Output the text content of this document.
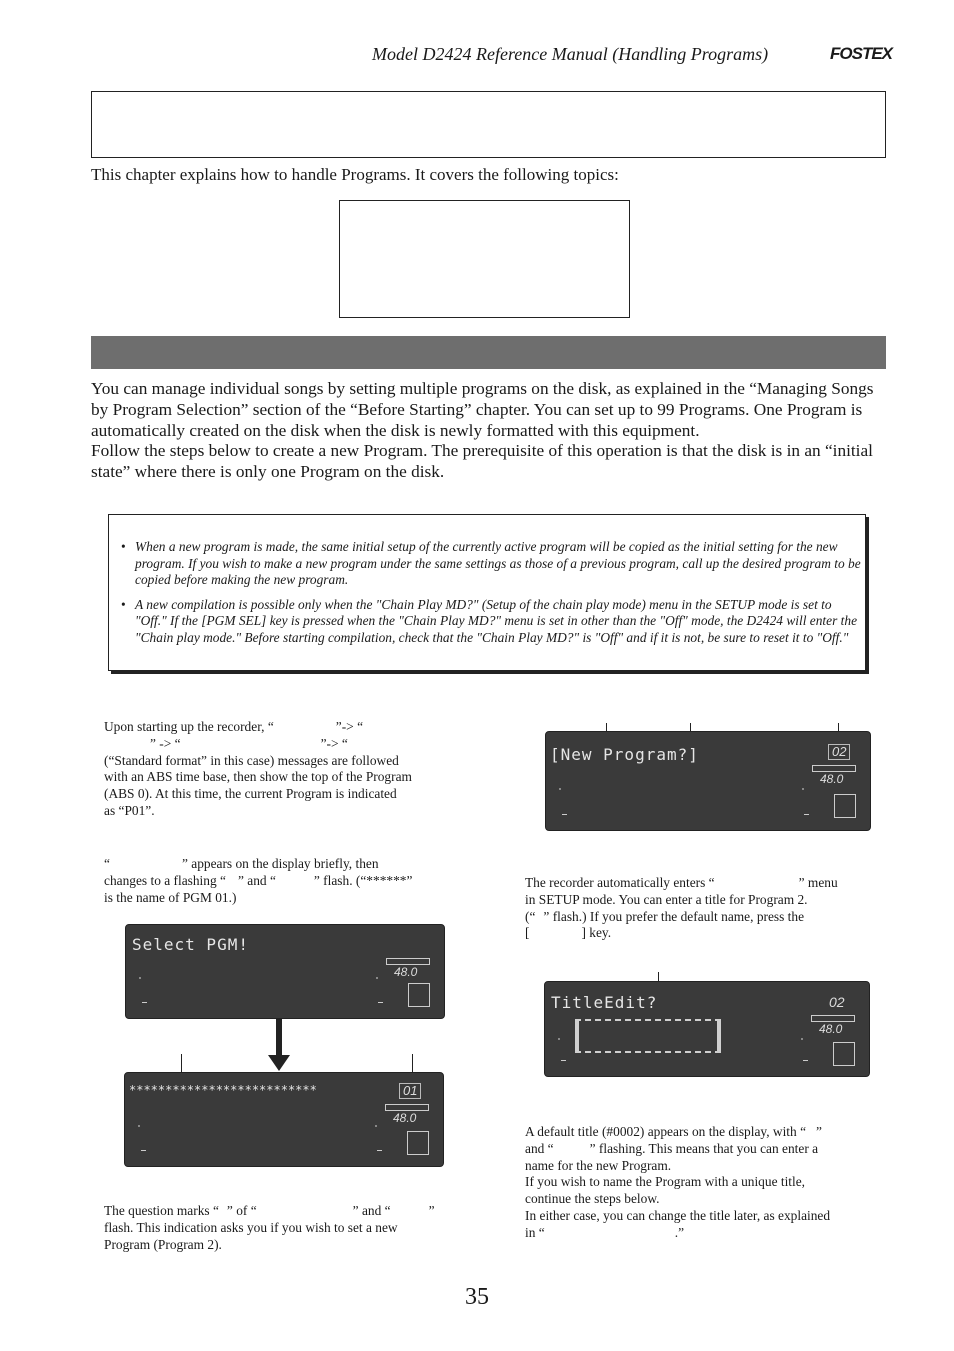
Model D2424 Reference Manual (Handling Programs)	FOSTEX
This chapter explains how to handle Programs. It covers the following topics:

You can manage individual songs by setting multiple programs on the disk, as explained in the “Managing Songs by Program Selection” section of the “Before Starting” chapter. You can set up to 99 Programs. One Program is automatically created on the disk when the disk is newly formatted with this equipment.

Follow the steps below to create a new Program. The prerequisite of this operation is that the disk is in an “initial state” where there is only one Program on the disk.

• When a new program is made, the same initial setup of the currently active program will be copied as the initial setting for the new program. If you wish to make a new program under the same settings as those of a previous program, call up the desired program to be copied before making the new program.
• A new compilation is possible only when the "Chain Play MD?" (Setup of the chain play mode) menu in the SETUP mode is set to "Off." If the [PGM SEL] key is pressed when the "Chain Play MD?" menu is set in other than the "Off" mode, the D2424 will enter the "Chain play mode." Before starting compilation, check that the "Chain Play MD?" is "Off" and if it is not, be sure to reset it to "Off."
Upon starting up the recorder, “	”-> “
” -> “	”-> “
(“Standard format” in this case) messages are followed
with an ABS time base, then show the top of the Program
(ABS 0). At this time, the current Program is indicated
as “P01”.
“	” appears on the display briefly, then
changes to a flashing “ ” and “	” flash. (“******”
is the name of PGM 01.)
Select PGM!
48.0
**************************	01
48.0
The question marks “ ” of “	” and “	”
flash. This indication asks you if you wish to set a new
Program (Program 2).
[New Program?]	02
48.0
The recorder automatically enters “	” menu
in SETUP mode. You can enter a title for Program 2.
(“ ” flash.) If you prefer the default name, press the
[	] key.
TitleEdit?	02
48.0
A default title (#0002) appears on the display, with “ ”
and “	” flashing. This means that you can enter a
name for the new Program.
If you wish to name the Program with a unique title,
continue the steps below.
In either case, you can change the title later, as explained
in “	.”
35
